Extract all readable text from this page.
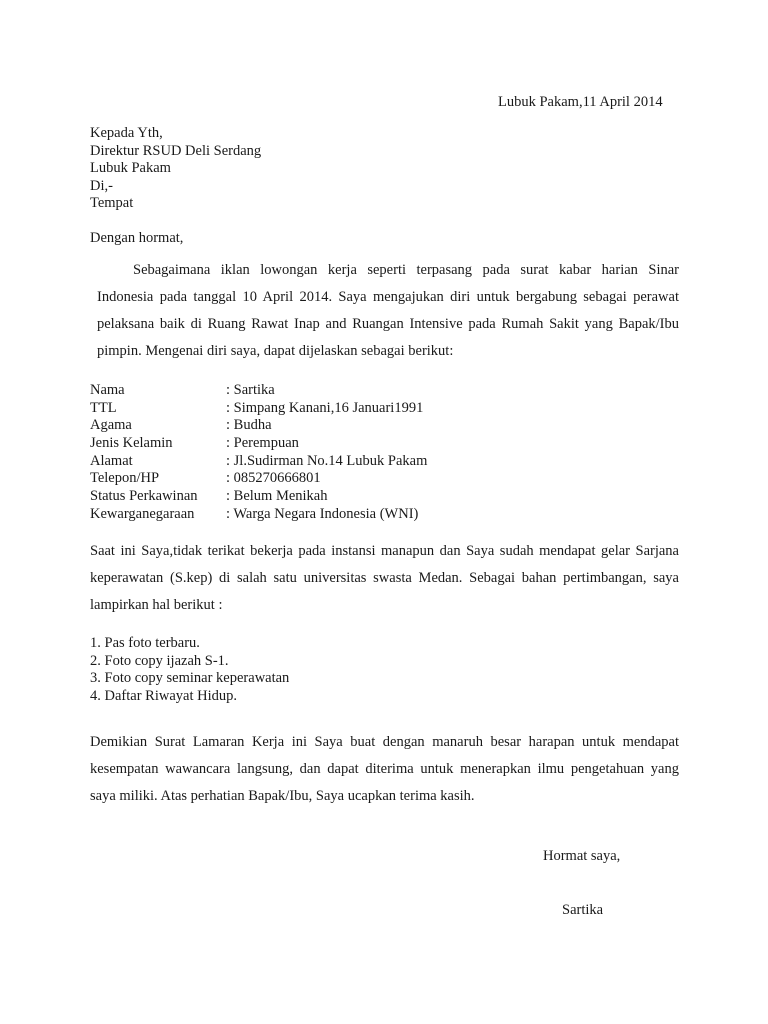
Lubuk Pakam,11 April 2014
Kepada Yth,
Direktur RSUD Deli Serdang
Lubuk Pakam
Di,-
Tempat
Dengan hormat,
Sebagaimana iklan lowongan kerja seperti terpasang pada surat kabar harian Sinar
Indonesia pada tanggal 10 April 2014. Saya mengajukan diri untuk bergabung sebagai perawat
pelaksana baik di Ruang Rawat Inap and Ruangan Intensive pada Rumah Sakit yang Bapak/Ibu
pimpin. Mengenai diri saya, dapat dijelaskan sebagai berikut:
Nama	: Sartika
TTL	: Simpang Kanani,16 Januari1991
Agama	: Budha
Jenis Kelamin	: Perempuan
Alamat	: Jl.Sudirman No.14 Lubuk Pakam
Telepon/HP	: 085270666801
Status Perkawinan : Belum Menikah
Kewarganegaraan : Warga Negara Indonesia (WNI)
Saat ini Saya,tidak terikat bekerja pada instansi manapun dan Saya sudah mendapat gelar Sarjana
keperawatan (S.kep) di salah satu universitas swasta Medan. Sebagai bahan pertimbangan, saya
lampirkan hal berikut :
1. Pas foto terbaru.
2. Foto copy ijazah S-1.
3. Foto copy seminar keperawatan
4. Daftar Riwayat Hidup.
Demikian Surat Lamaran Kerja ini Saya buat dengan manaruh besar harapan untuk mendapat
kesempatan wawancara langsung, dan dapat diterima untuk menerapkan ilmu pengetahuan yang
saya miliki. Atas perhatian Bapak/Ibu, Saya ucapkan terima kasih.
Hormat saya,
Sartika
